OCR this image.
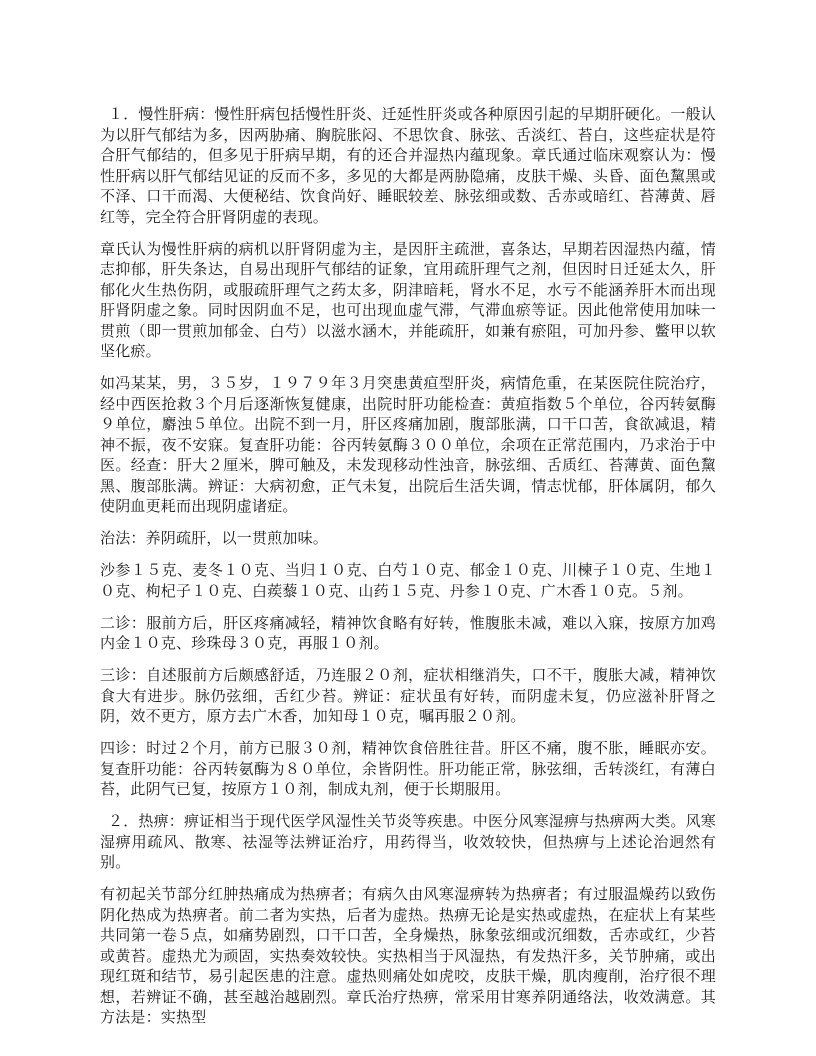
１．慢性肝病：慢性肝病包括慢性肝炎、迁延性肝炎或各种原因引起的早期肝硬化。一般认为以肝气郁结为多，因两胁痛、胸脘胀闷、不思饮食、脉弦、舌淡红、苔白，这些症状是符合肝气郁结的，但多见于肝病早期，有的还合并湿热内蕴现象。章氏通过临床观察认为：慢性肝病以肝气郁结见证的反而不多，多见的大都是两胁隐痛，皮肤干燥、头昏、面色黧黑或不泽、口干而渴、大便秘结、饮食尚好、睡眠较差、脉弦细或数、舌赤或暗红、苔薄黄、唇红等，完全符合肝肾阴虚的表现。

章氏认为慢性肝病的病机以肝肾阴虚为主，是因肝主疏泄，喜条达，早期若因湿热内蕴，情志抑郁，肝失条达，自易出现肝气郁结的证象，宜用疏肝理气之剂，但因时日迁延太久，肝郁化火生热伤阴，或服疏肝理气之药太多，阴津暗耗，肾水不足，水亏不能涵养肝木而出现肝肾阴虚之象。同时因阴血不足，也可出现血虚气滞，气滞血瘀等证。因此他常使用加味一贯煎（即一贯煎加郁金、白芍）以滋水涵木，并能疏肝，如兼有瘀阻，可加丹参、鳖甲以软坚化瘀。

如冯某某，男，３５岁，１９７９年３月突患黄疸型肝炎，病情危重，在某医院住院治疗，经中西医抢救３个月后逐渐恢复健康，出院时肝功能检查：黄疸指数５个单位，谷丙转氨酶９单位，麝浊５单位。出院不到一月，肝区疼痛加剧，腹部胀满，口干口苦，食欲减退，精神不振，夜不安寐。复查肝功能：谷丙转氨酶３００单位，余项在正常范围内，乃求治于中医。经查：肝大２厘米，脾可触及，未发现移动性浊音，脉弦细、舌质红、苔薄黄、面色黧黑、腹部胀满。辨证：大病初愈，正气未复，出院后生活失调，情志忧郁，肝体属阴，郁久使阴血更耗而出现阴虚诸症。

治法：养阴疏肝，以一贯煎加味。

沙参１５克、麦冬１０克、当归１０克、白芍１０克、郁金１０克、川楝子１０克、生地１０克、枸杞子１０克、白蒺藜１０克、山药１５克、丹参１０克、广木香１０克。５剂。

二诊：服前方后，肝区疼痛减轻，精神饮食略有好转，惟腹胀未减，难以入寐，按原方加鸡内金１０克、珍珠母３０克，再服１０剂。

三诊：自述服前方后颇感舒适，乃连服２０剂，症状相继消失，口不干，腹胀大减，精神饮食大有进步。脉仍弦细，舌红少苔。辨证：症状虽有好转，而阴虚未复，仍应滋补肝肾之阴，效不更方，原方去广木香，加知母１０克，嘱再服２０剂。

四诊：时过２个月，前方已服３０剂，精神饮食倍胜往昔。肝区不痛，腹不胀，睡眠亦安。复查肝功能：谷丙转氨酶为８０单位，余皆阴性。肝功能正常，脉弦细，舌转淡红，有薄白苔，此阴气已复，按原方１０剂，制成丸剂，便于长期服用。

２．热痹：痹证相当于现代医学风湿性关节炎等疾患。中医分风寒湿痹与热痹两大类。风寒湿痹用疏风、散寒、祛湿等法辨证治疗，用药得当，收效较快，但热痹与上述论治迥然有别。

有初起关节部分红肿热痛成为热痹者；有病久由风寒湿痹转为热痹者；有过服温燥药以致伤阴化热成为热痹者。前二者为实热，后者为虚热。热痹无论是实热或虚热，在症状上有某些共同第一卷５点，如痛势剧烈，口干口苦，全身燥热，脉象弦细或沉细数，舌赤或红，少苔或黄苔。虚热尤为顽固，实热奏效较快。实热相当于风湿热，有发热汗多，关节肿痛，或出现红斑和结节，易引起医患的注意。虚热则痛处如虎咬，皮肤干燥，肌肉瘦削，治疗很不理想，若辨证不确，甚至越治越剧烈。章氏治疗热痹，常采用甘寒养阴通络法，收效满意。其方法是：实热型
